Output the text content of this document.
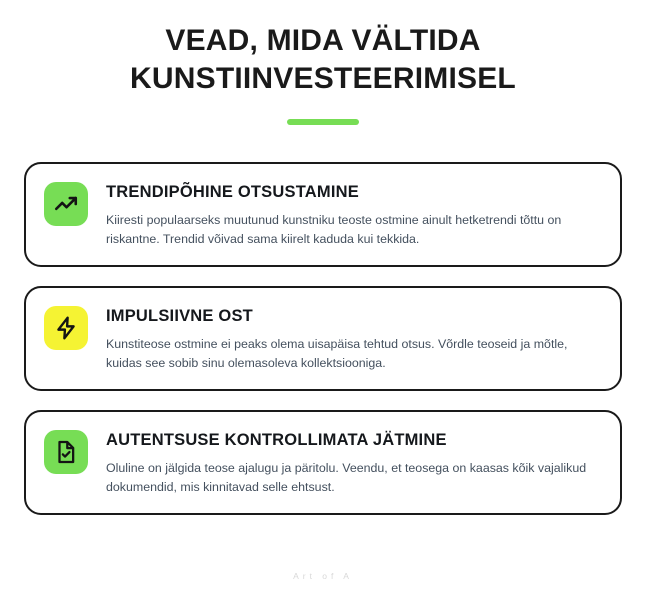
VEAD, MIDA VÄLTIDA
KUNSTIINVESTEERIMISEL
TRENDIPÕHINE OTSUSTAMINE
Kiiresti populaarseks muutunud kunstniku teoste ostmine ainult hetketrendi tõttu on riskantne. Trendid võivad sama kiirelt kaduda kui tekkida.
IMPULSIIVNE OST
Kunstiteose ostmine ei peaks olema uisapäisa tehtud otsus. Võrdle teoseid ja mõtle, kuidas see sobib sinu olemasoleva kollektsiooniga.
AUTENTSUSE KONTROLLIMATA JÄTMINE
Oluline on jälgida teose ajalugu ja päritolu. Veendu, et teosega on kaasas kõik vajalikud dokumendid, mis kinnitavad selle ehtsust.
Art of A
